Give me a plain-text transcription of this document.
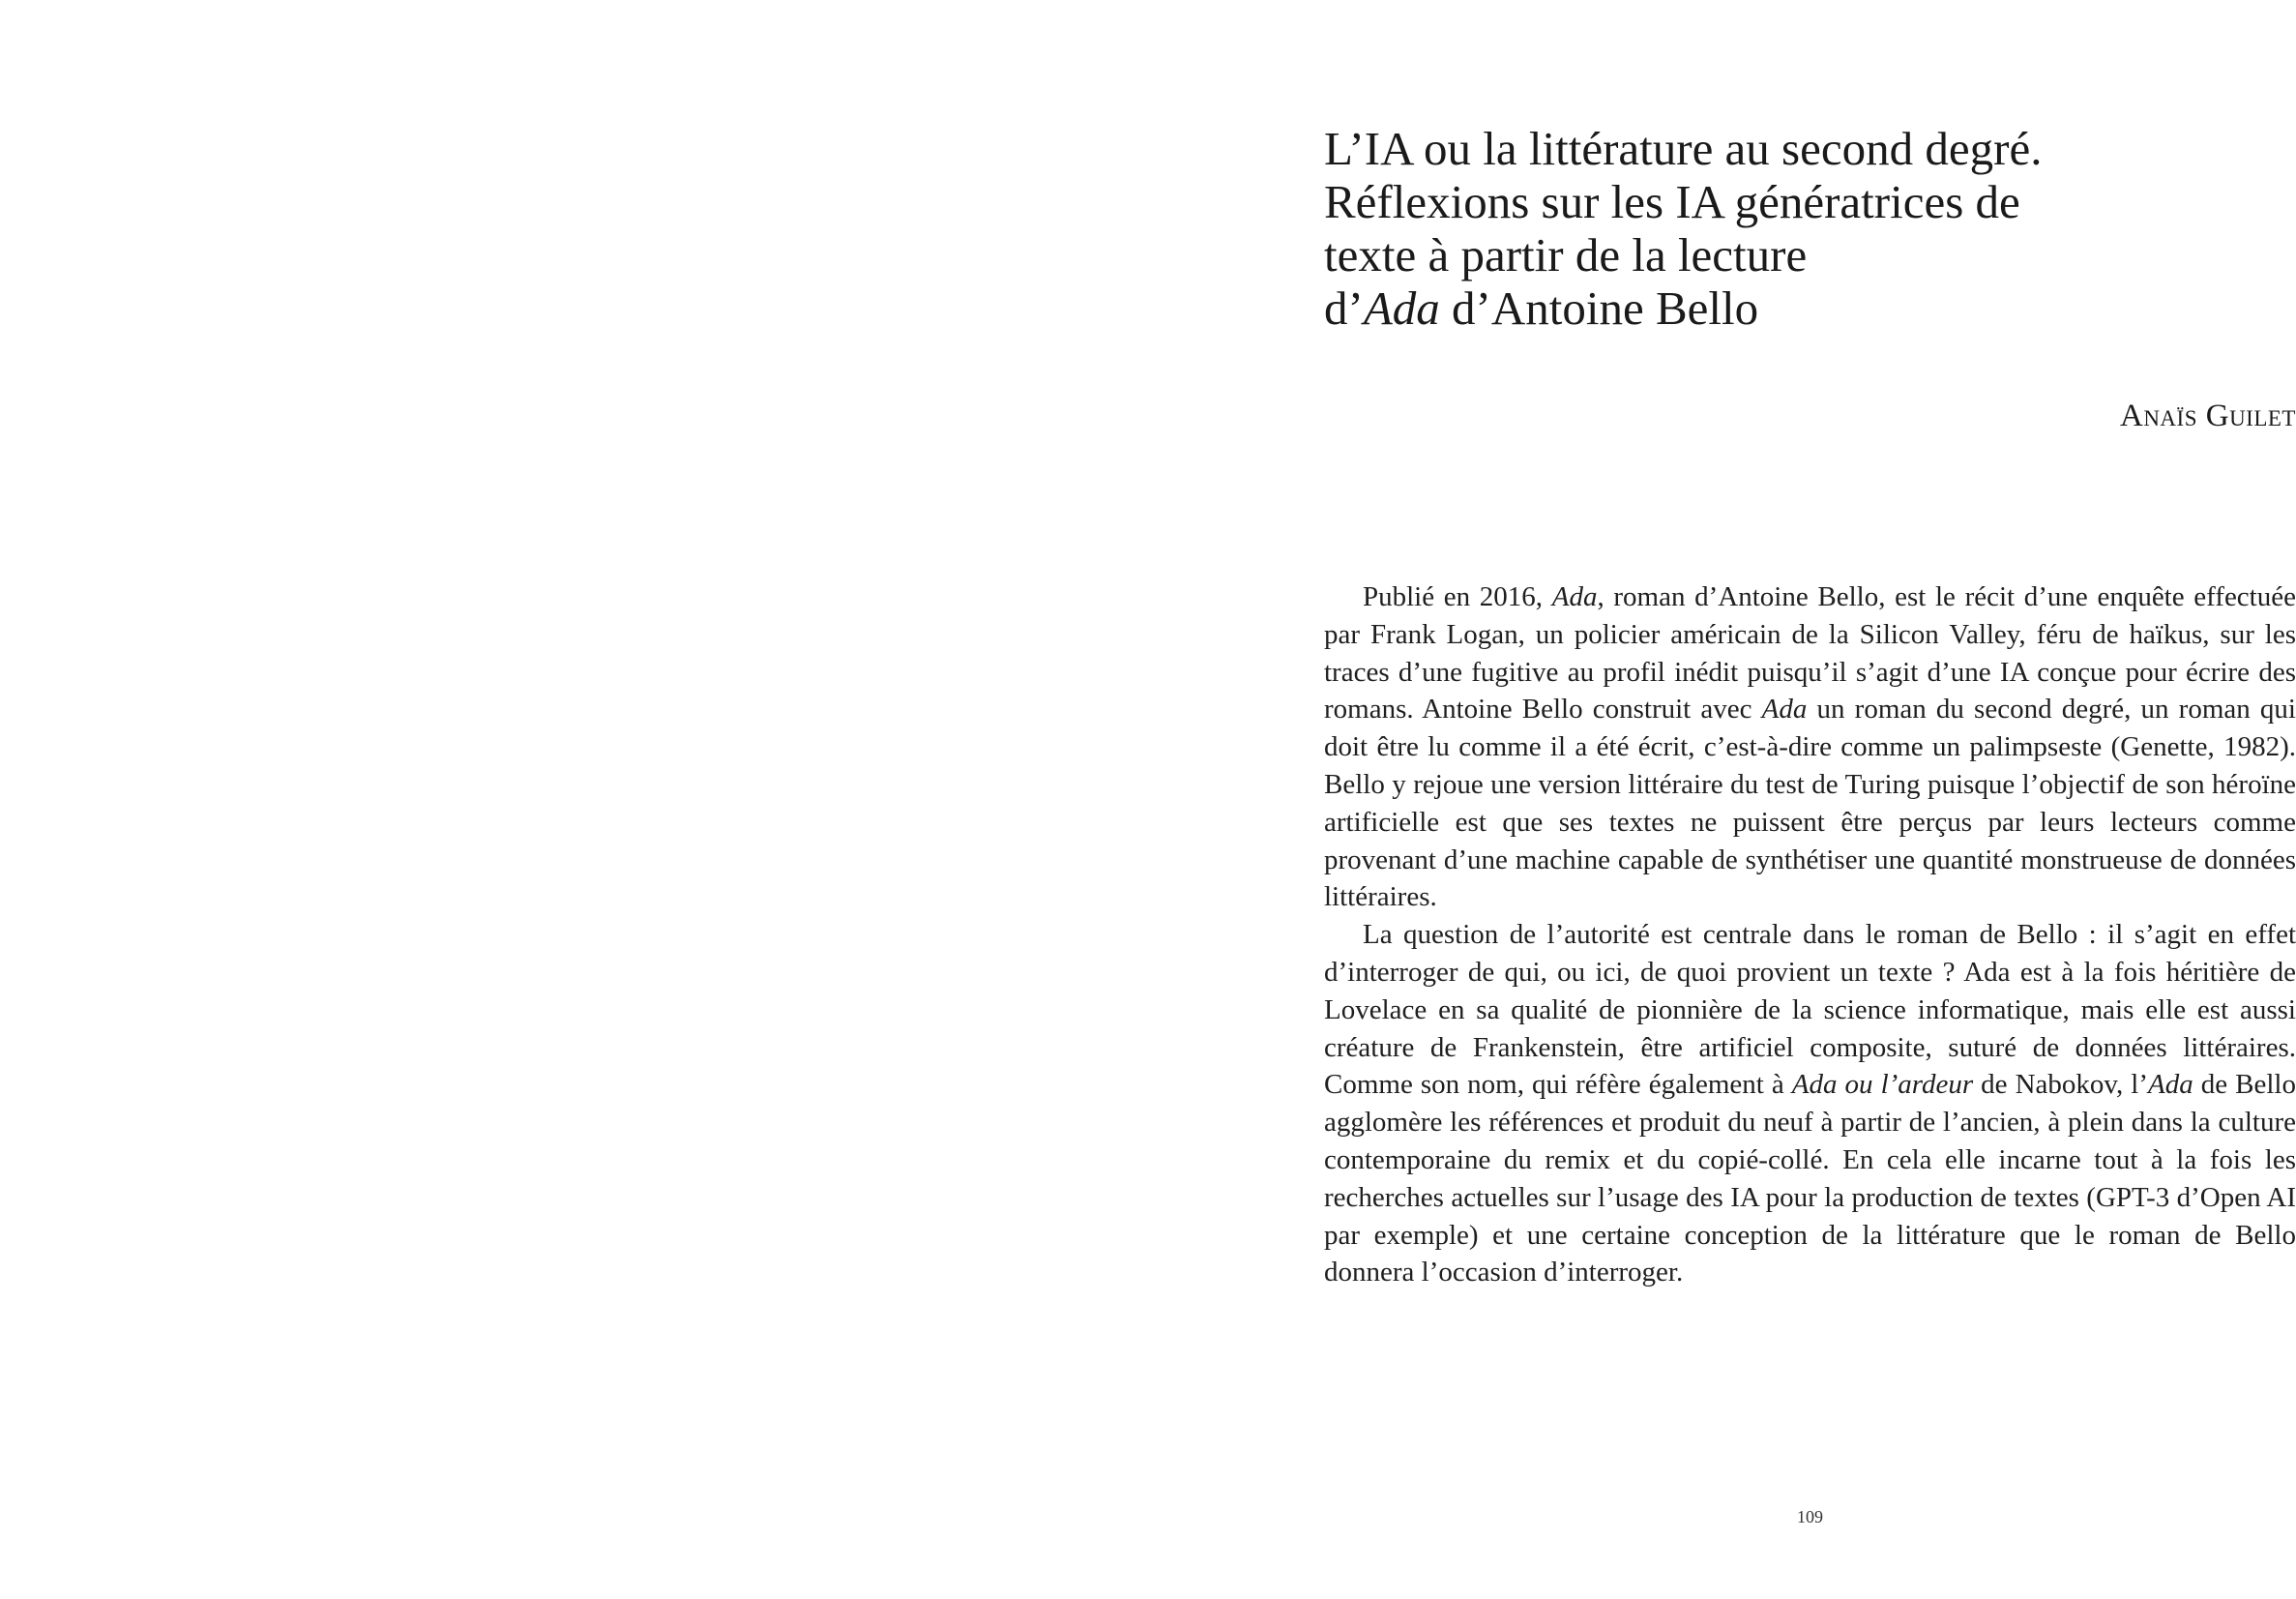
L’IA ou la littérature au second degré.
Réflexions sur les IA génératrices de
texte à partir de la lecture
d’Ada d’Antoine Bello
Anaïs Guilet

Publié en 2016, Ada, roman d’Antoine Bello, est le récit d’une enquête effectuée par Frank Logan, un policier américain de la Silicon Valley, féru de haïkus, sur les traces d’une fugitive au profil inédit puisqu’il s’agit d’une IA conçue pour écrire des romans. Antoine Bello construit avec Ada un roman du second degré, un roman qui doit être lu comme il a été écrit, c’est-à-dire comme un palimpseste (Genette, 1982). Bello y rejoue une version littéraire du test de Turing puisque l’objectif de son héroïne artificielle est que ses textes ne puissent être perçus par leurs lecteurs comme provenant d’une machine capable de synthétiser une quantité monstrueuse de données littéraires.

La question de l’autorité est centrale dans le roman de Bello : il s’agit en effet d’interroger de qui, ou ici, de quoi provient un texte ? Ada est à la fois héritière de Lovelace en sa qualité de pionnière de la science informatique, mais elle est aussi créature de Frankenstein, être artificiel composite, suturé de données littéraires. Comme son nom, qui réfère également à Ada ou l’ardeur de Nabokov, l’Ada de Bello agglomère les références et produit du neuf à partir de l’ancien, à plein dans la culture contemporaine du remix et du copié-collé. En cela elle incarne tout à la fois les recherches actuelles sur l’usage des IA pour la production de textes (GPT-3 d’Open AI par exemple) et une certaine conception de la littérature que le roman de Bello donnera l’occasion d’interroger.

109
